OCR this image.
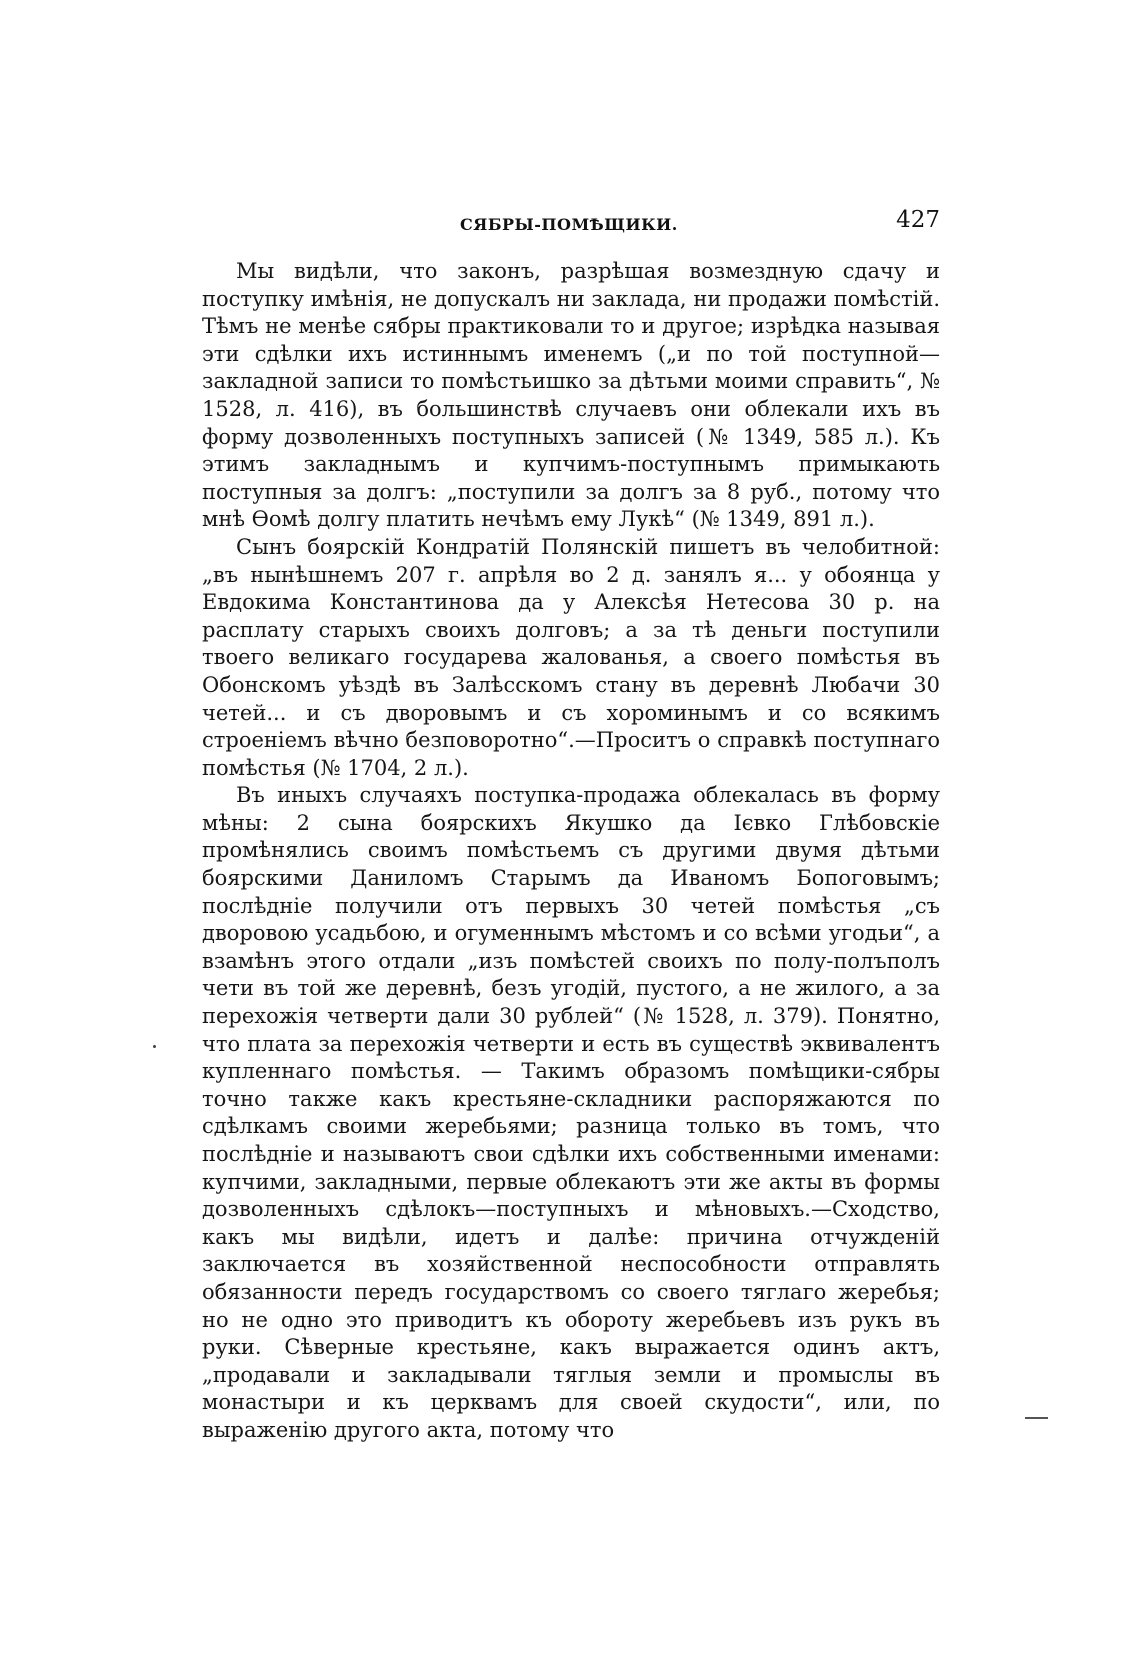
СЯБРЫ-ПОМѢЩИКИ.	427

Мы видѣли, что законъ, разрѣшая возмездную сдачу и поступку имѣнія, не допускалъ ни заклада, ни продажи помѣстій. Тѣмъ не менѣе сябры практиковали то и другое; изрѣдка называя эти сдѣлки ихъ истиннымъ именемъ („и по той поступной—закладной записи то помѣстьишко за дѣтьми моими справить“, № 1528, л. 416), въ большинствѣ случаевъ они облекали ихъ въ форму дозволенныхъ поступныхъ записей (№ 1349, 585 л.). Къ этимъ закладнымъ и купчимъ-поступнымъ примыкають поступныя за долгъ: „поступили за долгъ за 8 руб., потому что мнѣ Ѳомѣ долгу платить нечѣмъ ему Лукѣ“ (№ 1349, 891 л.).

Сынъ боярскій Кондратій Полянскій пишетъ въ челобитной: „въ нынѣшнемъ 207 г. апрѣля во 2 д. занялъ я... у обоянца у Евдокима Константинова да у Алексѣя Нетесова 30 р. на расплату старыхъ своихъ долговъ; а за тѣ деньги поступили твоего великаго государева жалованья, а своего помѣстья въ Обонскомъ уѣздѣ въ Залѣсскомъ стану въ деревнѣ Любачи 30 четей... и съ дворовымъ и съ хороминымъ и со всякимъ строеніемъ вѣчно безповоротно“.—Проситъ о справкѣ поступнаго помѣстья (№ 1704, 2 л.).

Въ иныхъ случаяхъ поступка-продажа облекалась въ форму мѣны: 2 сына боярскихъ Якушко да Ієвко Глѣбовскіе промѣнялись своимъ помѣстьемъ съ другими двумя дѣтьми боярскими Даниломъ Старымъ да Иваномъ Бопоговымъ; послѣдніе получили отъ первыхъ 30 четей помѣстья „съ дворовою усадьбою, и огуменнымъ мѣстомъ и со всѣми угодьи“, а взамѣнъ этого отдали „изъ помѣстей своихъ по полу-полъполъ чети въ той же деревнѣ, безъ угодій, пустого, а не жилого, а за перехожія четверти дали 30 рублей“ (№ 1528, л. 379). Понятно, что плата за перехожія четверти и есть въ существѣ эквивалентъ купленнаго помѣстья. — Такимъ образомъ помѣщики-сябры точно также какъ крестьяне-складники распоряжаются по сдѣлкамъ своими жеребьями; разница только въ томъ, что послѣдніе и называютъ свои сдѣлки ихъ собственными именами: купчими, закладными, первые облекаютъ эти же акты въ формы дозволенныхъ сдѣлокъ—поступныхъ и мѣновыхъ.—Сходство, какъ мы видѣли, идетъ и далѣе: причина отчужденій заключается въ хозяйственной неспособности отправлять обязанности передъ государствомъ со своего тяглаго жеребья; но не одно это приводитъ къ обороту жеребьевъ изъ рукъ въ руки. Сѣверные крестьяне, какъ выражается одинъ актъ, „продавали и закладывали тяглыя земли и промыслы въ монастыри и къ церквамъ для своей скудости“, или, по выраженію другого акта, потому что
